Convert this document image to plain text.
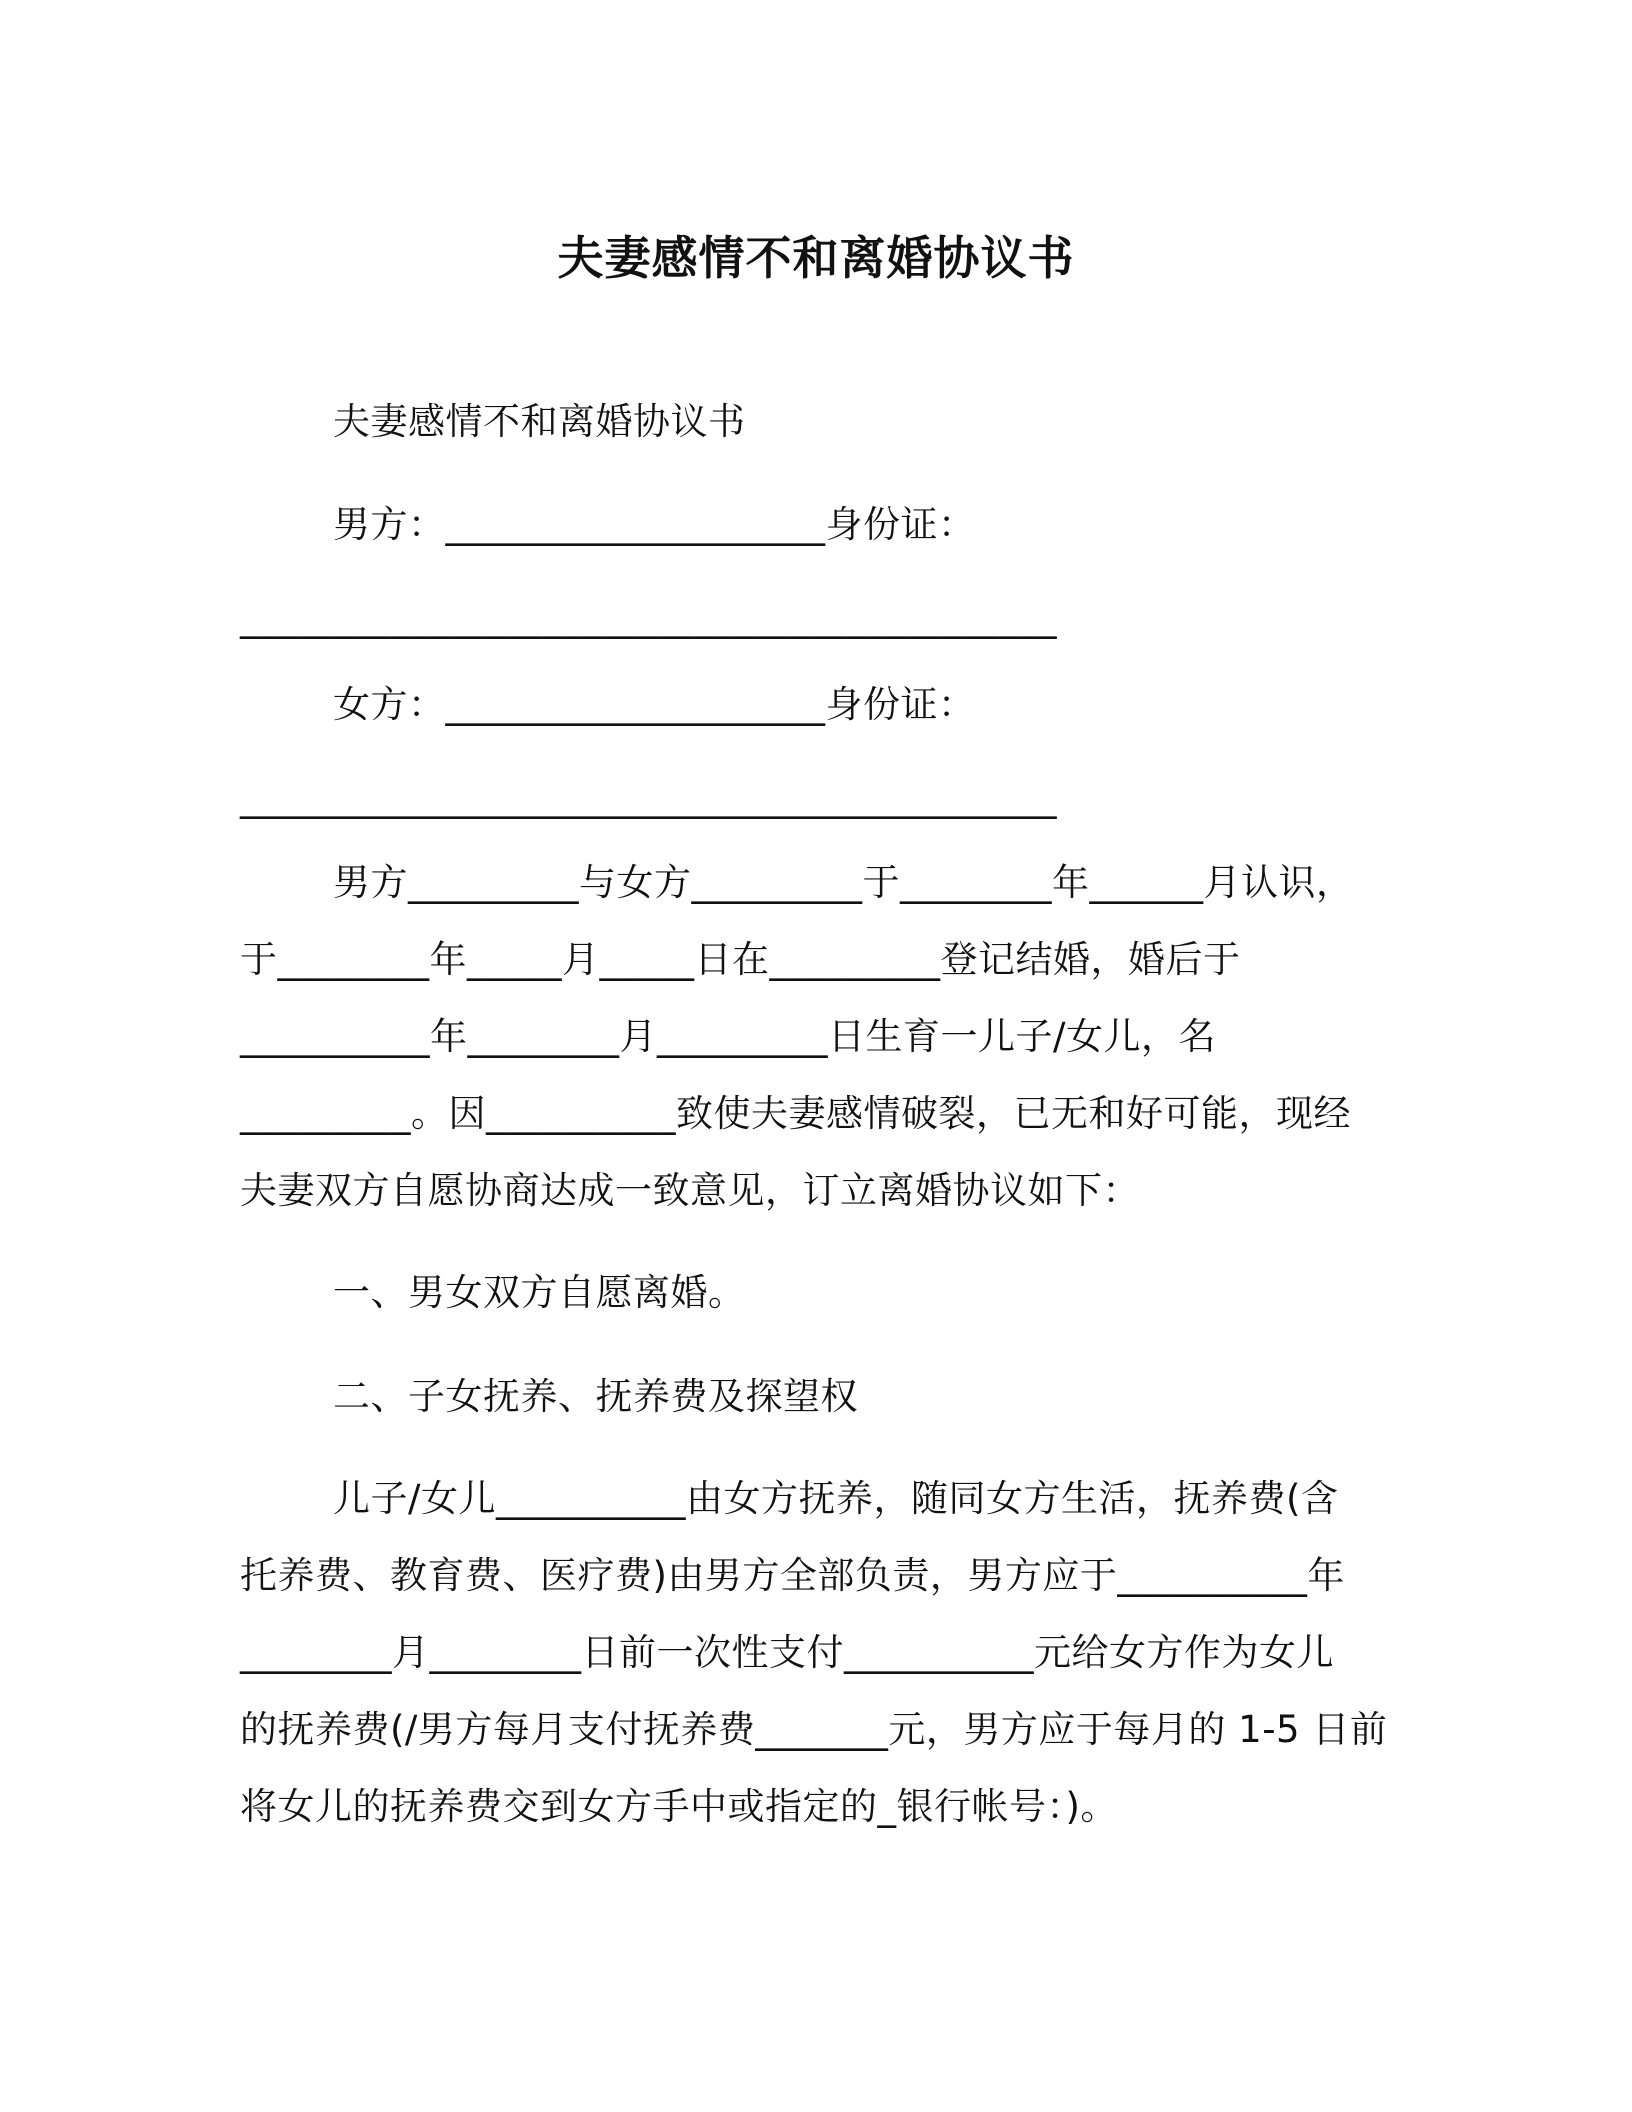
夫妻感情不和离婚协议书
夫妻感情不和离婚协议书
男方：____________________身份证：
___________________________________________
女方：____________________身份证：
___________________________________________
男方_________与女方_________于________年______月认识，
于________年_____月_____日在_________登记结婚，婚后于
__________年________月_________日生育一儿子/女儿，名
_________。因__________致使夫妻感情破裂，已无和好可能，现经
夫妻双方自愿协商达成一致意见，订立离婚协议如下：
一、男女双方自愿离婚。
二、子女抚养、抚养费及探望权
儿子/女儿__________由女方抚养，随同女方生活，抚养费(含
托养费、教育费、医疗费)由男方全部负责，男方应于__________年
________月________日前一次性支付__________元给女方作为女儿
的抚养费(/男方每月支付抚养费_______元，男方应于每月的 1-5 日前
将女儿的抚养费交到女方手中或指定的_银行帐号：)。
